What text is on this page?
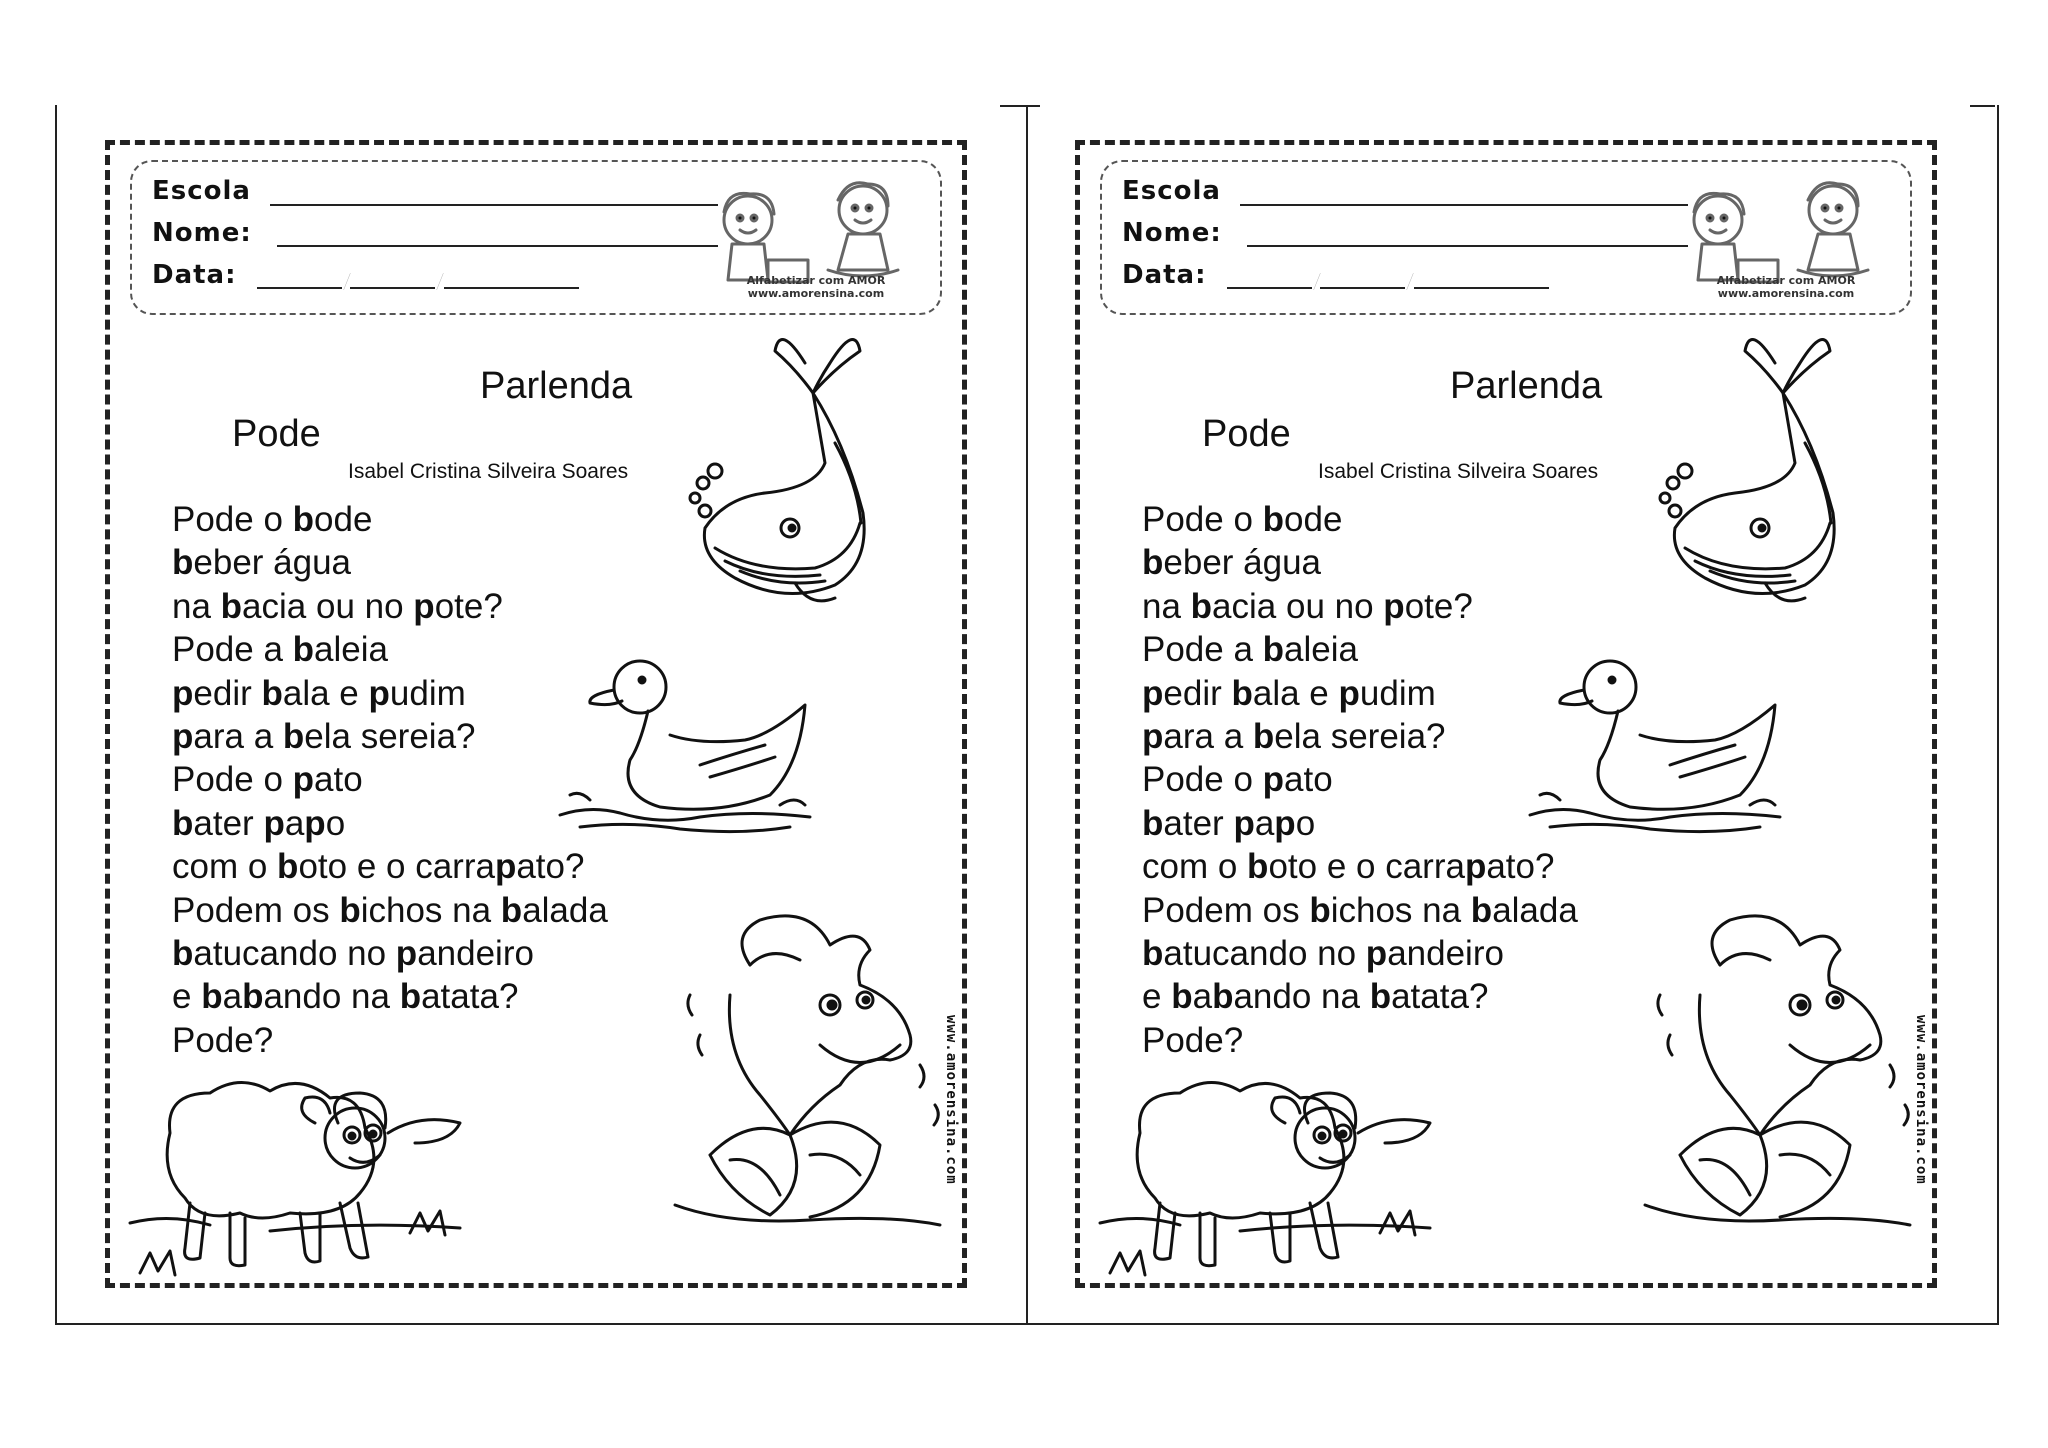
Escola
Nome:
Data:	Alfabetizar com AMOR
www.amorensina.com
Parlenda
Pode
Isabel Cristina Silveira Soares
Pode o bode
beber água
na bacia ou no pote?
Pode a baleia
pedir bala e pudim
para a bela sereia?
Pode o pato
bater papo
com o boto e o carrapato?
Podem os bichos na balada
batucando no pandeiro
e babando na batata?
Pode?	www.amorensina.com
Escola
Nome:
Data:	Alfabetizar com AMOR
www.amorensina.com
Parlenda
Pode
Isabel Cristina Silveira Soares
Pode o bode
beber água
na bacia ou no pote?
Pode a baleia
pedir bala e pudim
para a bela sereia?
Pode o pato
bater papo
com o boto e o carrapato?
Podem os bichos na balada
batucando no pandeiro
e babando na batata?
Pode?	www.amorensina.com
